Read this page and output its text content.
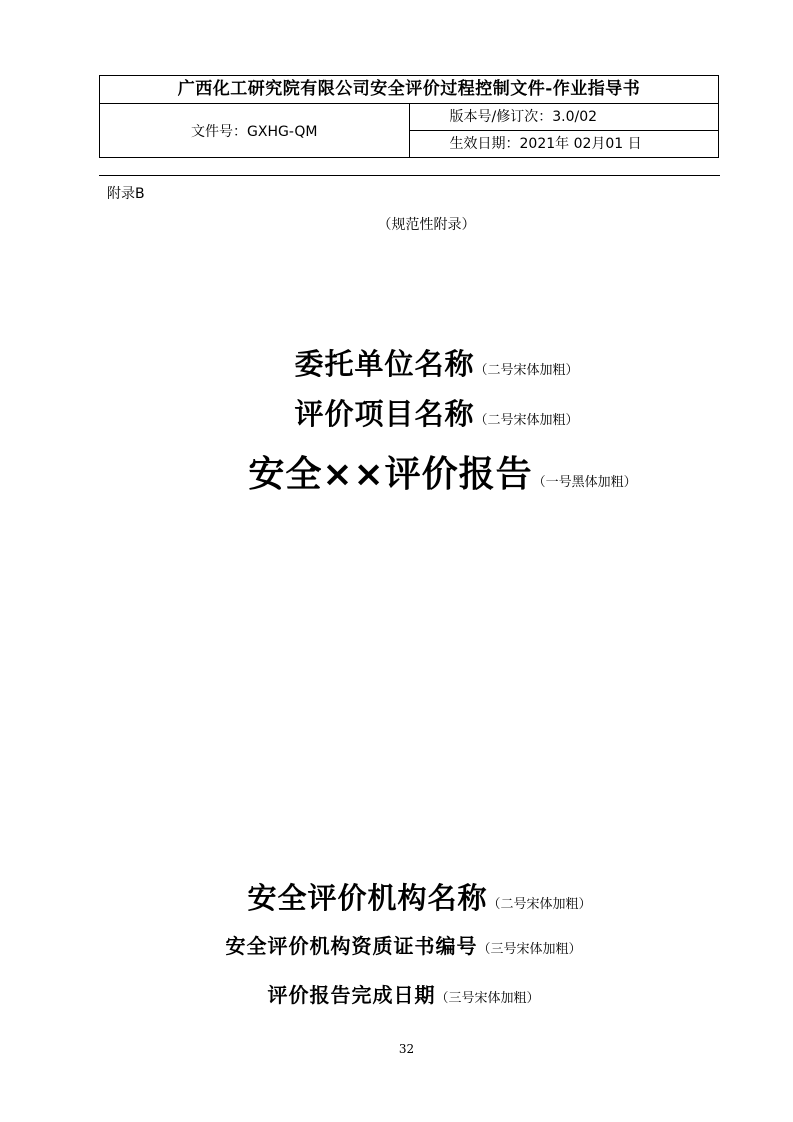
广西化工研究院有限公司安全评价过程控制文件-作业指导书
文件号：GXHG-QM	版本号/修订次：3.0/02
生效日期：2021年 02月01 日
附录B
（规范性附录）
委托单位名称（二号宋体加粗）
评价项目名称（二号宋体加粗）
安全××评价报告（一号黑体加粗）
安全评价机构名称（二号宋体加粗）
安全评价机构资质证书编号（三号宋体加粗）
评价报告完成日期（三号宋体加粗）
32
